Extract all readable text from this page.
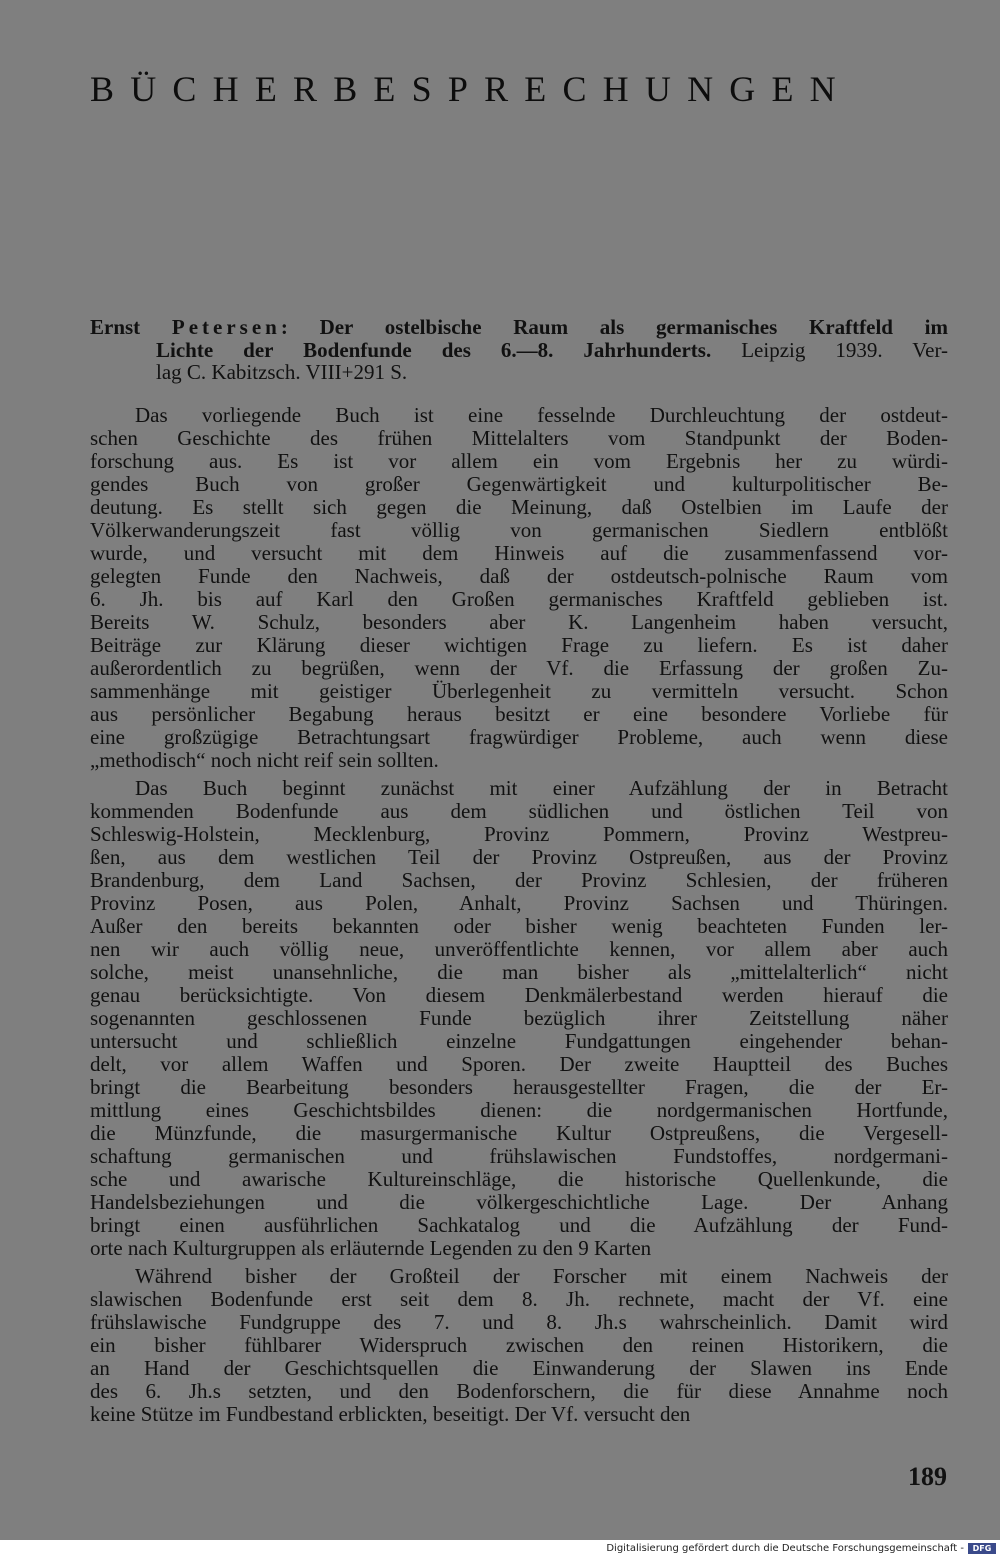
BÜCHERBESPRECHUNGEN
Ernst Petersen: Der ostelbische Raum als germanisches Kraftfeld im
Lichte der Bodenfunde des 6.—8. Jahrhunderts. Leipzig 1939. Ver-
lag C. Kabitzsch. VIII+291 S.
Das vorliegende Buch ist eine fesselnde Durchleuchtung der ostdeut-
schen Geschichte des frühen Mittelalters vom Standpunkt der Boden-
forschung aus. Es ist vor allem ein vom Ergebnis her zu würdi-
gendes Buch von großer Gegenwärtigkeit und kulturpolitischer Be-
deutung. Es stellt sich gegen die Meinung, daß Ostelbien im Laufe der
Völkerwanderungszeit fast völlig von germanischen Siedlern entblößt
wurde, und versucht mit dem Hinweis auf die zusammenfassend vor-
gelegten Funde den Nachweis, daß der ostdeutsch-polnische Raum vom
6. Jh. bis auf Karl den Großen germanisches Kraftfeld geblieben ist.
Bereits W. Schulz, besonders aber K. Langenheim haben versucht,
Beiträge zur Klärung dieser wichtigen Frage zu liefern. Es ist daher
außerordentlich zu begrüßen, wenn der Vf. die Erfassung der großen Zu-
sammenhänge mit geistiger Überlegenheit zu vermitteln versucht. Schon
aus persönlicher Begabung heraus besitzt er eine besondere Vorliebe für
eine großzügige Betrachtungsart fragwürdiger Probleme, auch wenn diese
„methodisch“ noch nicht reif sein sollten.
Das Buch beginnt zunächst mit einer Aufzählung der in Betracht
kommenden Bodenfunde aus dem südlichen und östlichen Teil von
Schleswig-Holstein, Mecklenburg, Provinz Pommern, Provinz Westpreu-
ßen, aus dem westlichen Teil der Provinz Ostpreußen, aus der Provinz
Brandenburg, dem Land Sachsen, der Provinz Schlesien, der früheren
Provinz Posen, aus Polen, Anhalt, Provinz Sachsen und Thüringen.
Außer den bereits bekannten oder bisher wenig beachteten Funden ler-
nen wir auch völlig neue, unveröffentlichte kennen, vor allem aber auch
solche, meist unansehnliche, die man bisher als „mittelalterlich“ nicht
genau berücksichtigte. Von diesem Denkmälerbestand werden hierauf die
sogenannten geschlossenen Funde bezüglich ihrer Zeitstellung näher
untersucht und schließlich einzelne Fundgattungen eingehender behan-
delt, vor allem Waffen und Sporen. Der zweite Hauptteil des Buches
bringt die Bearbeitung besonders herausgestellter Fragen, die der Er-
mittlung eines Geschichtsbildes dienen: die nordgermanischen Hortfunde,
die Münzfunde, die masurgermanische Kultur Ostpreußens, die Vergesell-
schaftung germanischen und frühslawischen Fundstoffes, nordgermani-
sche und awarische Kultureinschläge, die historische Quellenkunde, die
Handelsbeziehungen und die völkergeschichtliche Lage. Der Anhang
bringt einen ausführlichen Sachkatalog und die Aufzählung der Fund-
orte nach Kulturgruppen als erläuternde Legenden zu den 9 Karten
Während bisher der Großteil der Forscher mit einem Nachweis der
slawischen Bodenfunde erst seit dem 8. Jh. rechnete, macht der Vf. eine
frühslawische Fundgruppe des 7. und 8. Jh.s wahrscheinlich. Damit wird
ein bisher fühlbarer Widerspruch zwischen den reinen Historikern, die
an Hand der Geschichtsquellen die Einwanderung der Slawen ins Ende
des 6. Jh.s setzten, und den Bodenforschern, die für diese Annahme noch
keine Stütze im Fundbestand erblickten, beseitigt. Der Vf. versucht den
189
Digitalisierung gefördert durch die Deutsche Forschungsgemeinschaft -	DFG
